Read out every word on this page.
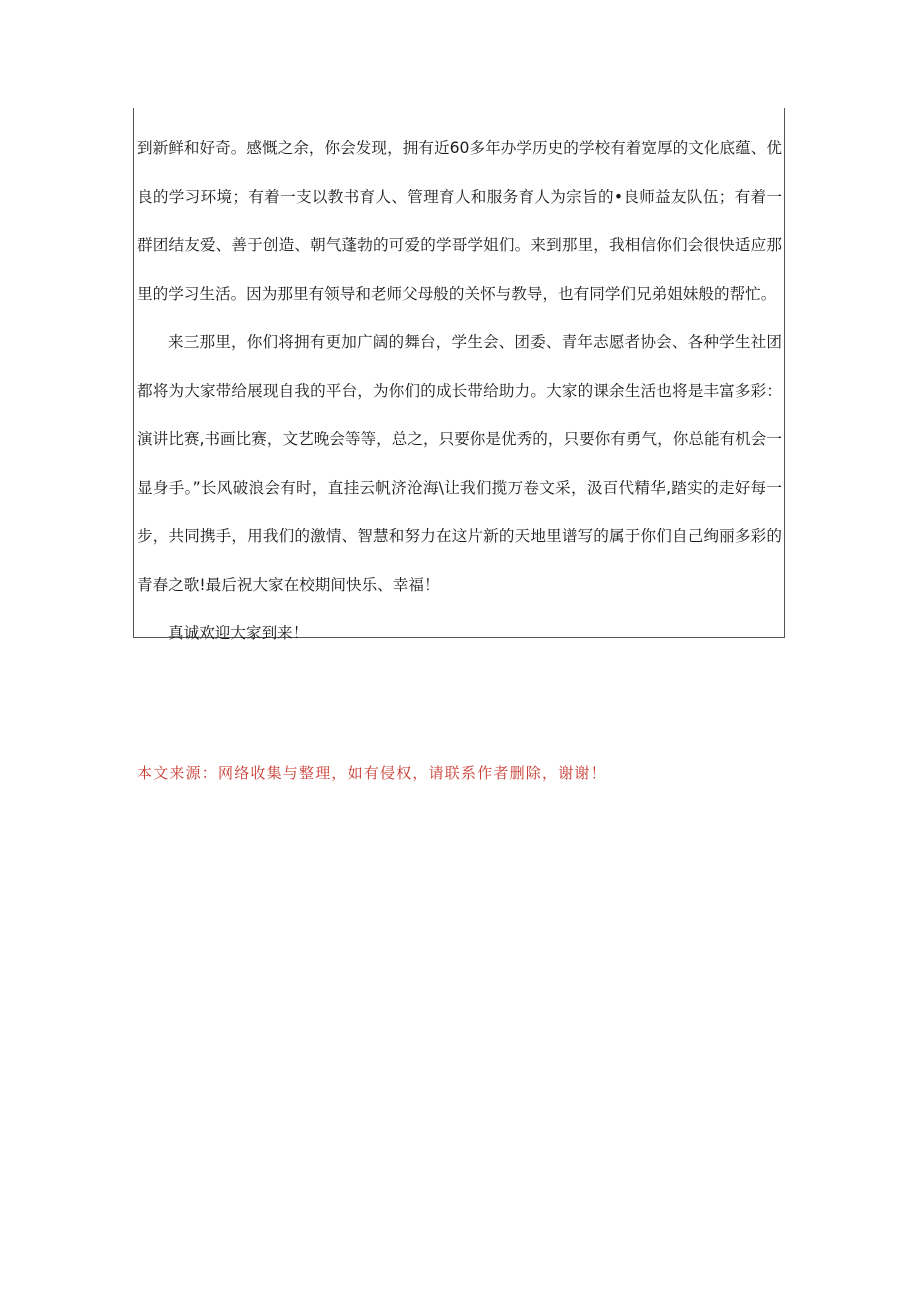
到新鲜和好奇。感慨之余，你会发现，拥有近60多年办学历史的学校有着宽厚的文化底蕴、优良的学习环境；有着一支以教书育人、管理育人和服务育人为宗旨的•良师益友队伍；有着一群团结友爱、善于创造、朝气蓬勃的可爱的学哥学姐们。来到那里，我相信你们会很快适应那里的学习生活。因为那里有领导和老师父母般的关怀与教导，也有同学们兄弟姐妹般的帮忙。

来三那里，你们将拥有更加广阔的舞台，学生会、团委、青年志愿者协会、各种学生社团都将为大家带给展现自我的平台，为你们的成长带给助力。大家的课余生活也将是丰富多彩：演讲比赛,书画比赛，文艺晚会等等，总之，只要你是优秀的，只要你有勇气，你总能有机会一显身手。”长风破浪会有时，直挂云帆济沧海\让我们揽万卷文采，汲百代精华,踏实的走好每一步，共同携手，用我们的激情、智慧和努力在这片新的天地里谱写的属于你们自己绚丽多彩的青春之歌!最后祝大家在校期间快乐、幸福！

真诚欢迎大家到来！

本文来源：网络收集与整理，如有侵权，请联系作者删除，谢谢！
